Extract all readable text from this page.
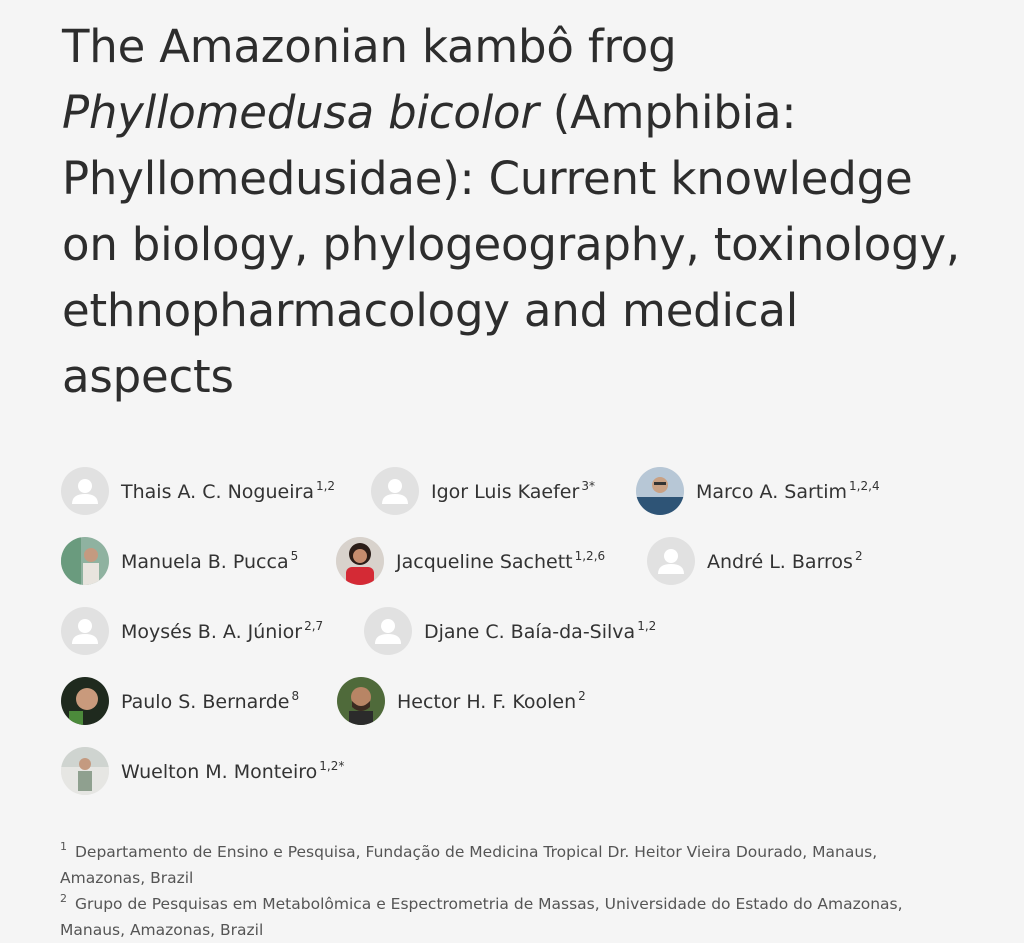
The Amazonian kambô frog
Phyllomedusa bicolor (Amphibia: Phyllomedusidae): Current knowledge on biology, phylogeography, toxinology, ethnopharmacology and medical aspects
Thais A. C. Nogueira $^{1,2}$	Igor Luis Kaefer $^{3*}$	Marco A. Sartim $^{1,2,4}$
Manuela B. Pucca $^5$	Jacqueline Sachett $^{1,2,6}$	André L. Barros $^2$
Moysés B. A. Júnior $^{2,7}$	Djane C. Baía-da-Silva $^{1,2}$
Paulo S. Bernarde $^8$	Hector H. F. Koolen $^2$
Wuelton M. Monteiro $^{1,2*}$
$^1$ Departamento de Ensino e Pesquisa, Fundação de Medicina Tropical Dr. Heitor Vieira Dourado, Manaus, Amazonas, Brazil
$^2$ Grupo de Pesquisas em Metabolômica e Espectrometria de Massas, Universidade do Estado do Amazonas, Manaus, Amazonas, Brazil
